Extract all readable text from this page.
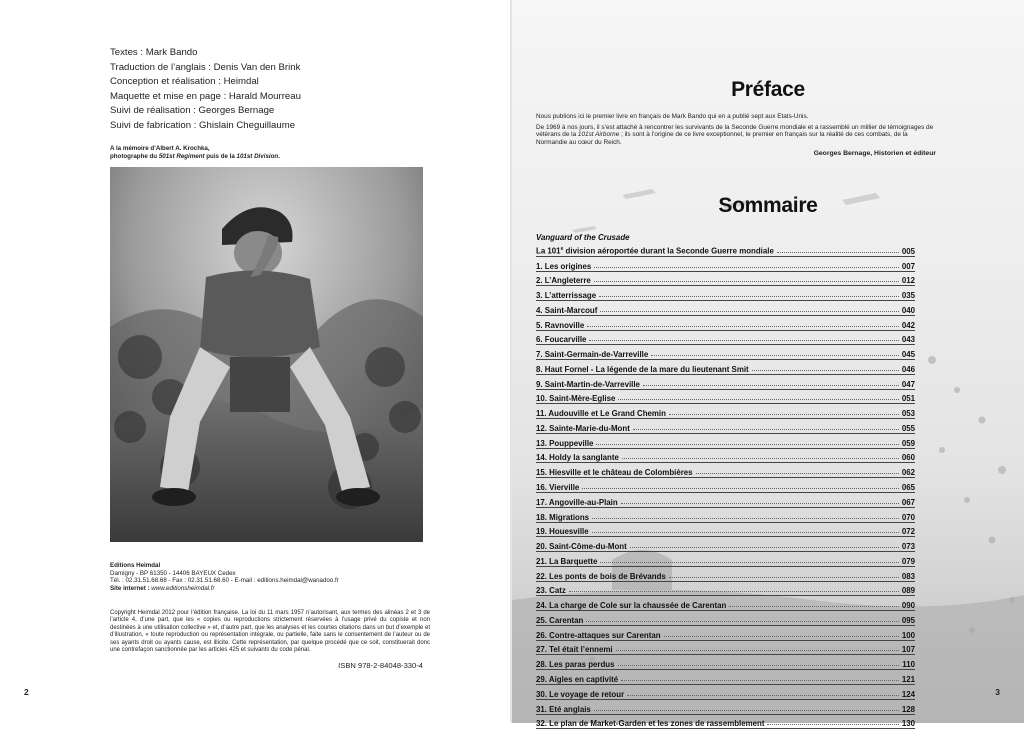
Textes : Mark Bando
Traduction de l’anglais : Denis Van den Brink
Conception et réalisation : Heimdal
Maquette et mise en page : Harald Mourreau
Suivi de réalisation : Georges Bernage
Suivi de fabrication : Ghislain Cheguillaume
A la mémoire d’Albert A. Krochka,
photographe du 501st Regiment puis de la 101st Division.
Editions Heimdal
Damigny - BP 61350 - 14406 BAYEUX Cedex
Tél. : 02.31.51.68.68 - Fax : 02.31.51.68.60 - E-mail : editions.heimdal@wanadoo.fr
Site internet : www.editionsheimdal.fr
Copyright Heimdal 2012 pour l’édition française. La loi du 11 mars 1957 n’autorisant, aux termes des alinéas 2 et 3 de l’article 4, d’une part, que les « copies ou reproductions strictement réservées à l’usage privé du copiste et non destinées à une utilisation collective » et, d’autre part, que les analyses et les courtes citations dans un but d’exemple et d’illustration, « toute reproduction ou représentation intégrale, ou partielle, faite sans le consentement de l’auteur ou de ses ayants droit ou ayants cause, est illicite. Cette représentation, par quelque procédé que ce soit, constituerait donc une contrefaçon sanctionnée par les articles 425 et suivants du code pénal.
ISBN 978-2-84048-330-4
2
Préface

Nous publions ici le premier livre en français de Mark Bando qui en a publié sept aux Etats-Unis.

De 1969 à nos jours, il s’est attaché à rencontrer les survivants de la Seconde Guerre mondiale et a rassemblé un millier de témoignages de vétérans de la 101st Airborne ; ils sont à l’origine de ce livre exceptionnel, le premier en français sur la réalité de ces combats, de la Normandie au cœur du Reich.

Georges Bernage, Historien et éditeur
Sommaire
Vanguard of the Crusade
La 101e division aéroportée durant la Seconde Guerre mondiale	005
1. Les origines	007
2. L’Angleterre	012
3. L’atterrissage	035
4. Saint-Marcouf	040
5. Ravnoville	042
6. Foucarville	043
7. Saint-Germain-de-Varreville	045
8. Haut Fornel - La légende de la mare du lieutenant Smit	046
9. Saint-Martin-de-Varreville	047
10. Saint-Mère-Eglise	051
11. Audouville et Le Grand Chemin	053
12. Sainte-Marie-du-Mont	055
13. Pouppeville	059
14. Holdy la sanglante	060
15. Hiesville et le château de Colombières	062
16. Vierville	065
17. Angoville-au-Plain	067
18. Migrations	070
19. Houesville	072
20. Saint-Côme-du-Mont	073
21. La Barquette	079
22. Les ponts de bois de Brévands	083
23. Catz	089
24. La charge de Cole sur la chaussée de Carentan	090
25. Carentan	095
26. Contre-attaques sur Carentan	100
27. Tel était l’ennemi	107
28. Les paras perdus	110
29. Aigles en captivité	121
30. Le voyage de retour	124
31. Eté anglais	128
32. Le plan de Market-Garden et les zones de rassemblement	130
3
